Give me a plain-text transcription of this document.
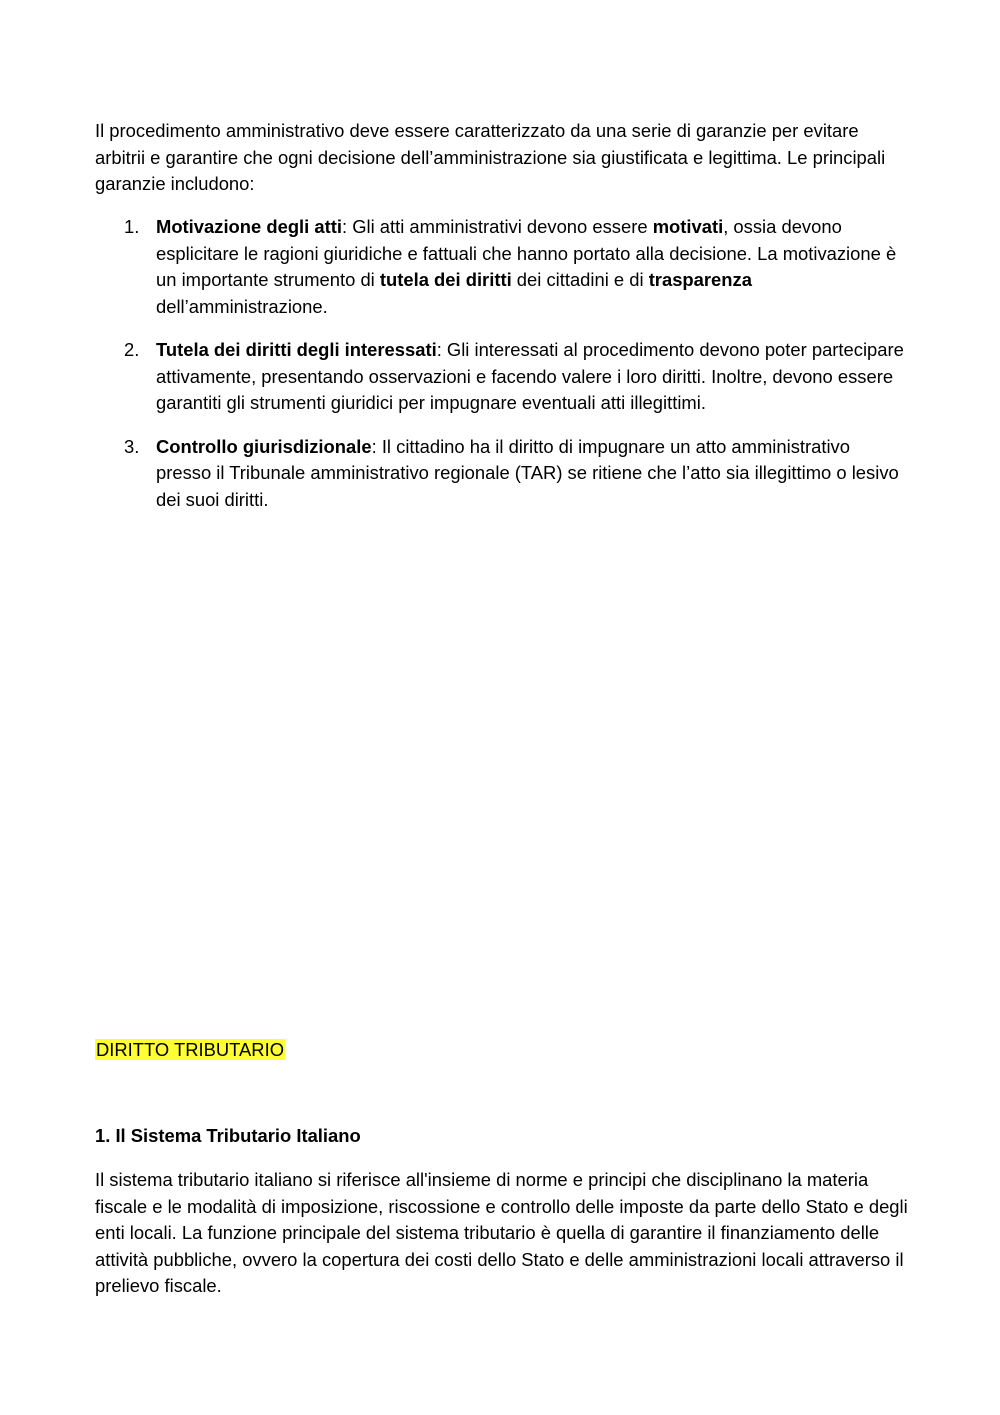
Il procedimento amministrativo deve essere caratterizzato da una serie di garanzie per evitare arbitrii e garantire che ogni decisione dell’amministrazione sia giustificata e legittima. Le principali garanzie includono:

1. Motivazione degli atti: Gli atti amministrativi devono essere motivati, ossia devono esplicitare le ragioni giuridiche e fattuali che hanno portato alla decisione. La motivazione è un importante strumento di tutela dei diritti dei cittadini e di trasparenza dell’amministrazione.
2. Tutela dei diritti degli interessati: Gli interessati al procedimento devono poter partecipare attivamente, presentando osservazioni e facendo valere i loro diritti. Inoltre, devono essere garantiti gli strumenti giuridici per impugnare eventuali atti illegittimi.
3. Controllo giurisdizionale: Il cittadino ha il diritto di impugnare un atto amministrativo presso il Tribunale amministrativo regionale (TAR) se ritiene che l’atto sia illegittimo o lesivo dei suoi diritti.
DIRITTO TRIBUTARIO
1. Il Sistema Tributario Italiano

Il sistema tributario italiano si riferisce all'insieme di norme e principi che disciplinano la materia fiscale e le modalità di imposizione, riscossione e controllo delle imposte da parte dello Stato e degli enti locali. La funzione principale del sistema tributario è quella di garantire il finanziamento delle attività pubbliche, ovvero la copertura dei costi dello Stato e delle amministrazioni locali attraverso il prelievo fiscale.
